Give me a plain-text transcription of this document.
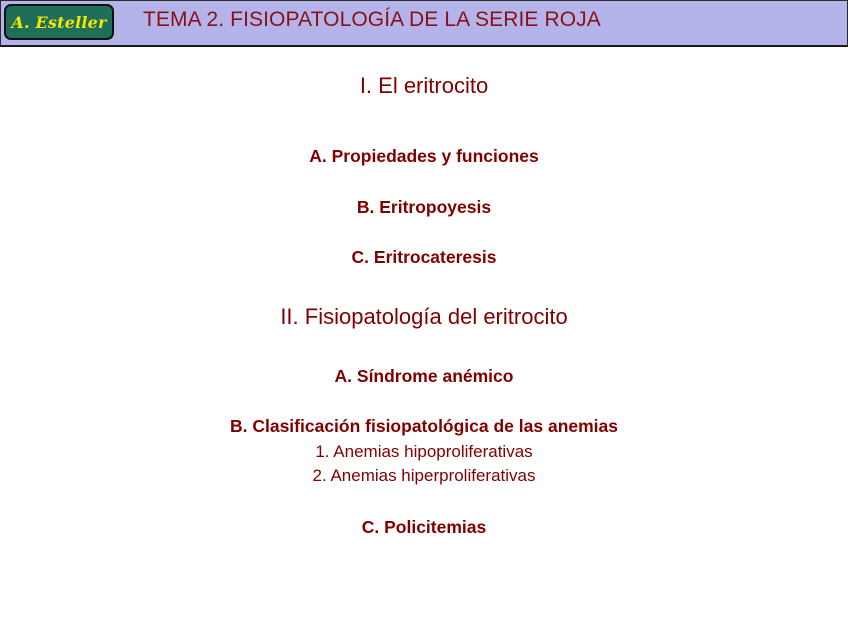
A. Esteller TEMA 2. FISIOPATOLOGÍA DE LA SERIE ROJA
I. El eritrocito
A. Propiedades y funciones
B. Eritropoyesis
C. Eritrocateresis
II. Fisiopatología del eritrocito
A. Síndrome anémico
B. Clasificación fisiopatológica de las anemias
1. Anemias hipoproliferativas
2. Anemias hiperproliferativas
C. Policitemias
